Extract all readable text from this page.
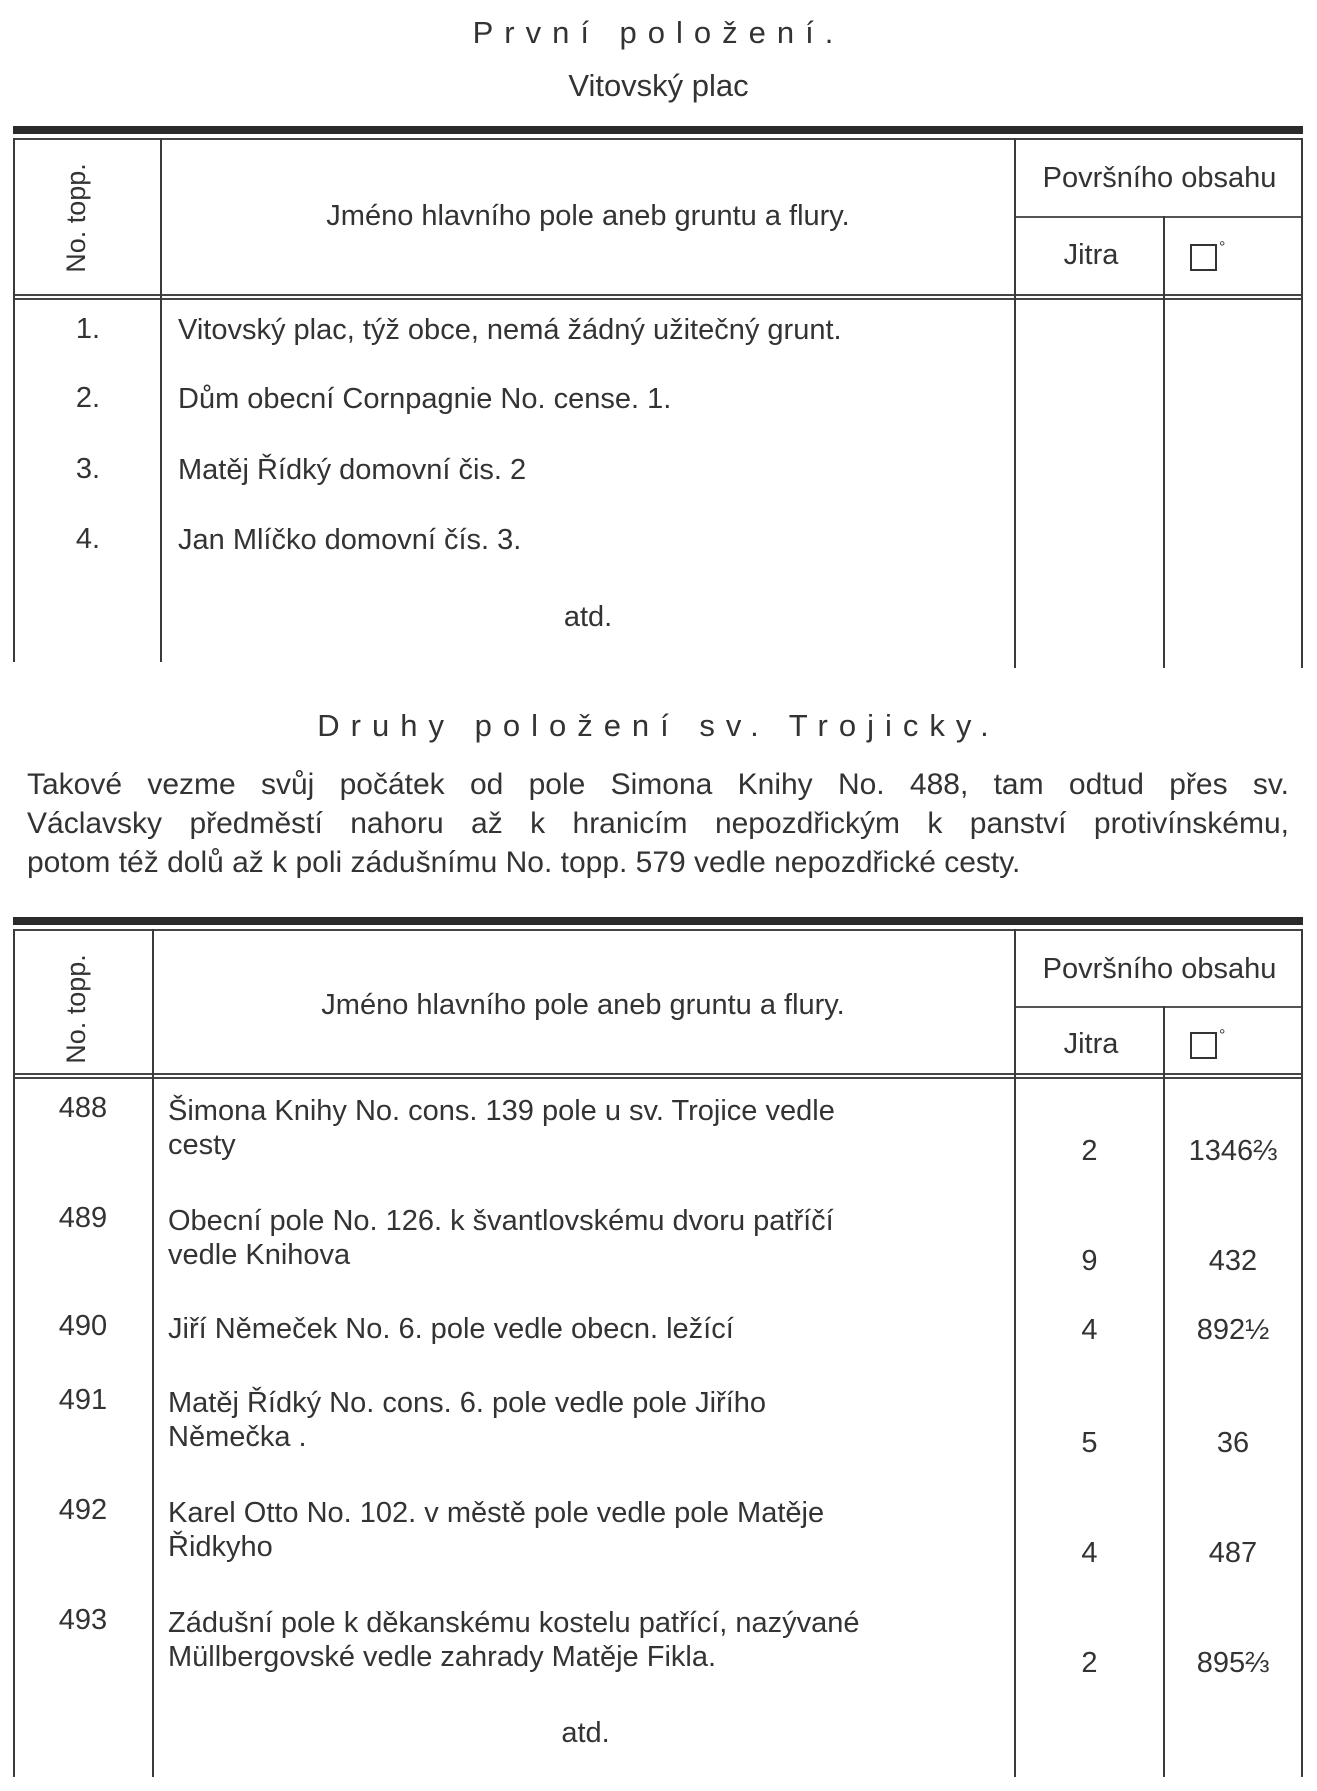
První položení.
Vitovský plac
No. topp.	Jméno hlavního pole aneb gruntu a flury.
Površního obsahu
Jitra	°
1.	Vitovský plac, týž obce, nemá žádný užitečný grunt.
2.	Dům obecní Cornpagnie No. cense. 1.
3.	Matěj Řídký domovní čis. 2
4.	Jan Mlíčko domovní čís. 3.
atd.
Druhy položení sv. Trojicky.
Takové vezme svůj počátek od pole Simona Knihy No. 488, tam odtud přes sv.
Václavsky předměstí nahoru až k hranicím nepozdřickým k panství protivínskému,
potom též dolů až k poli zádušnímu No. topp. 579 vedle nepozdřické cesty.
No. topp.	Jméno hlavního pole aneb gruntu a flury.
Površního obsahu
Jitra	°
488	Šimona Knihy No. cons. 139 pole u sv. Trojice vedle
cesty	2	1346⅔
489	Obecní pole No. 126. k švantlovskému dvoru patříčí
vedle Knihova	9	432
490	Jiří Němeček No. 6. pole vedle obecn. ležící	4	892½
491	Matěj Řídký No. cons. 6. pole vedle pole Jiřího
Němečka .	5	36
492	Karel Otto No. 102. v městě pole vedle pole Matěje
Řidkyho	4	487
493	Zádušní pole k děkanskému kostelu patřící, nazývané
Müllbergovské vedle zahrady Matěje Fikla.	2	895⅔
atd.
